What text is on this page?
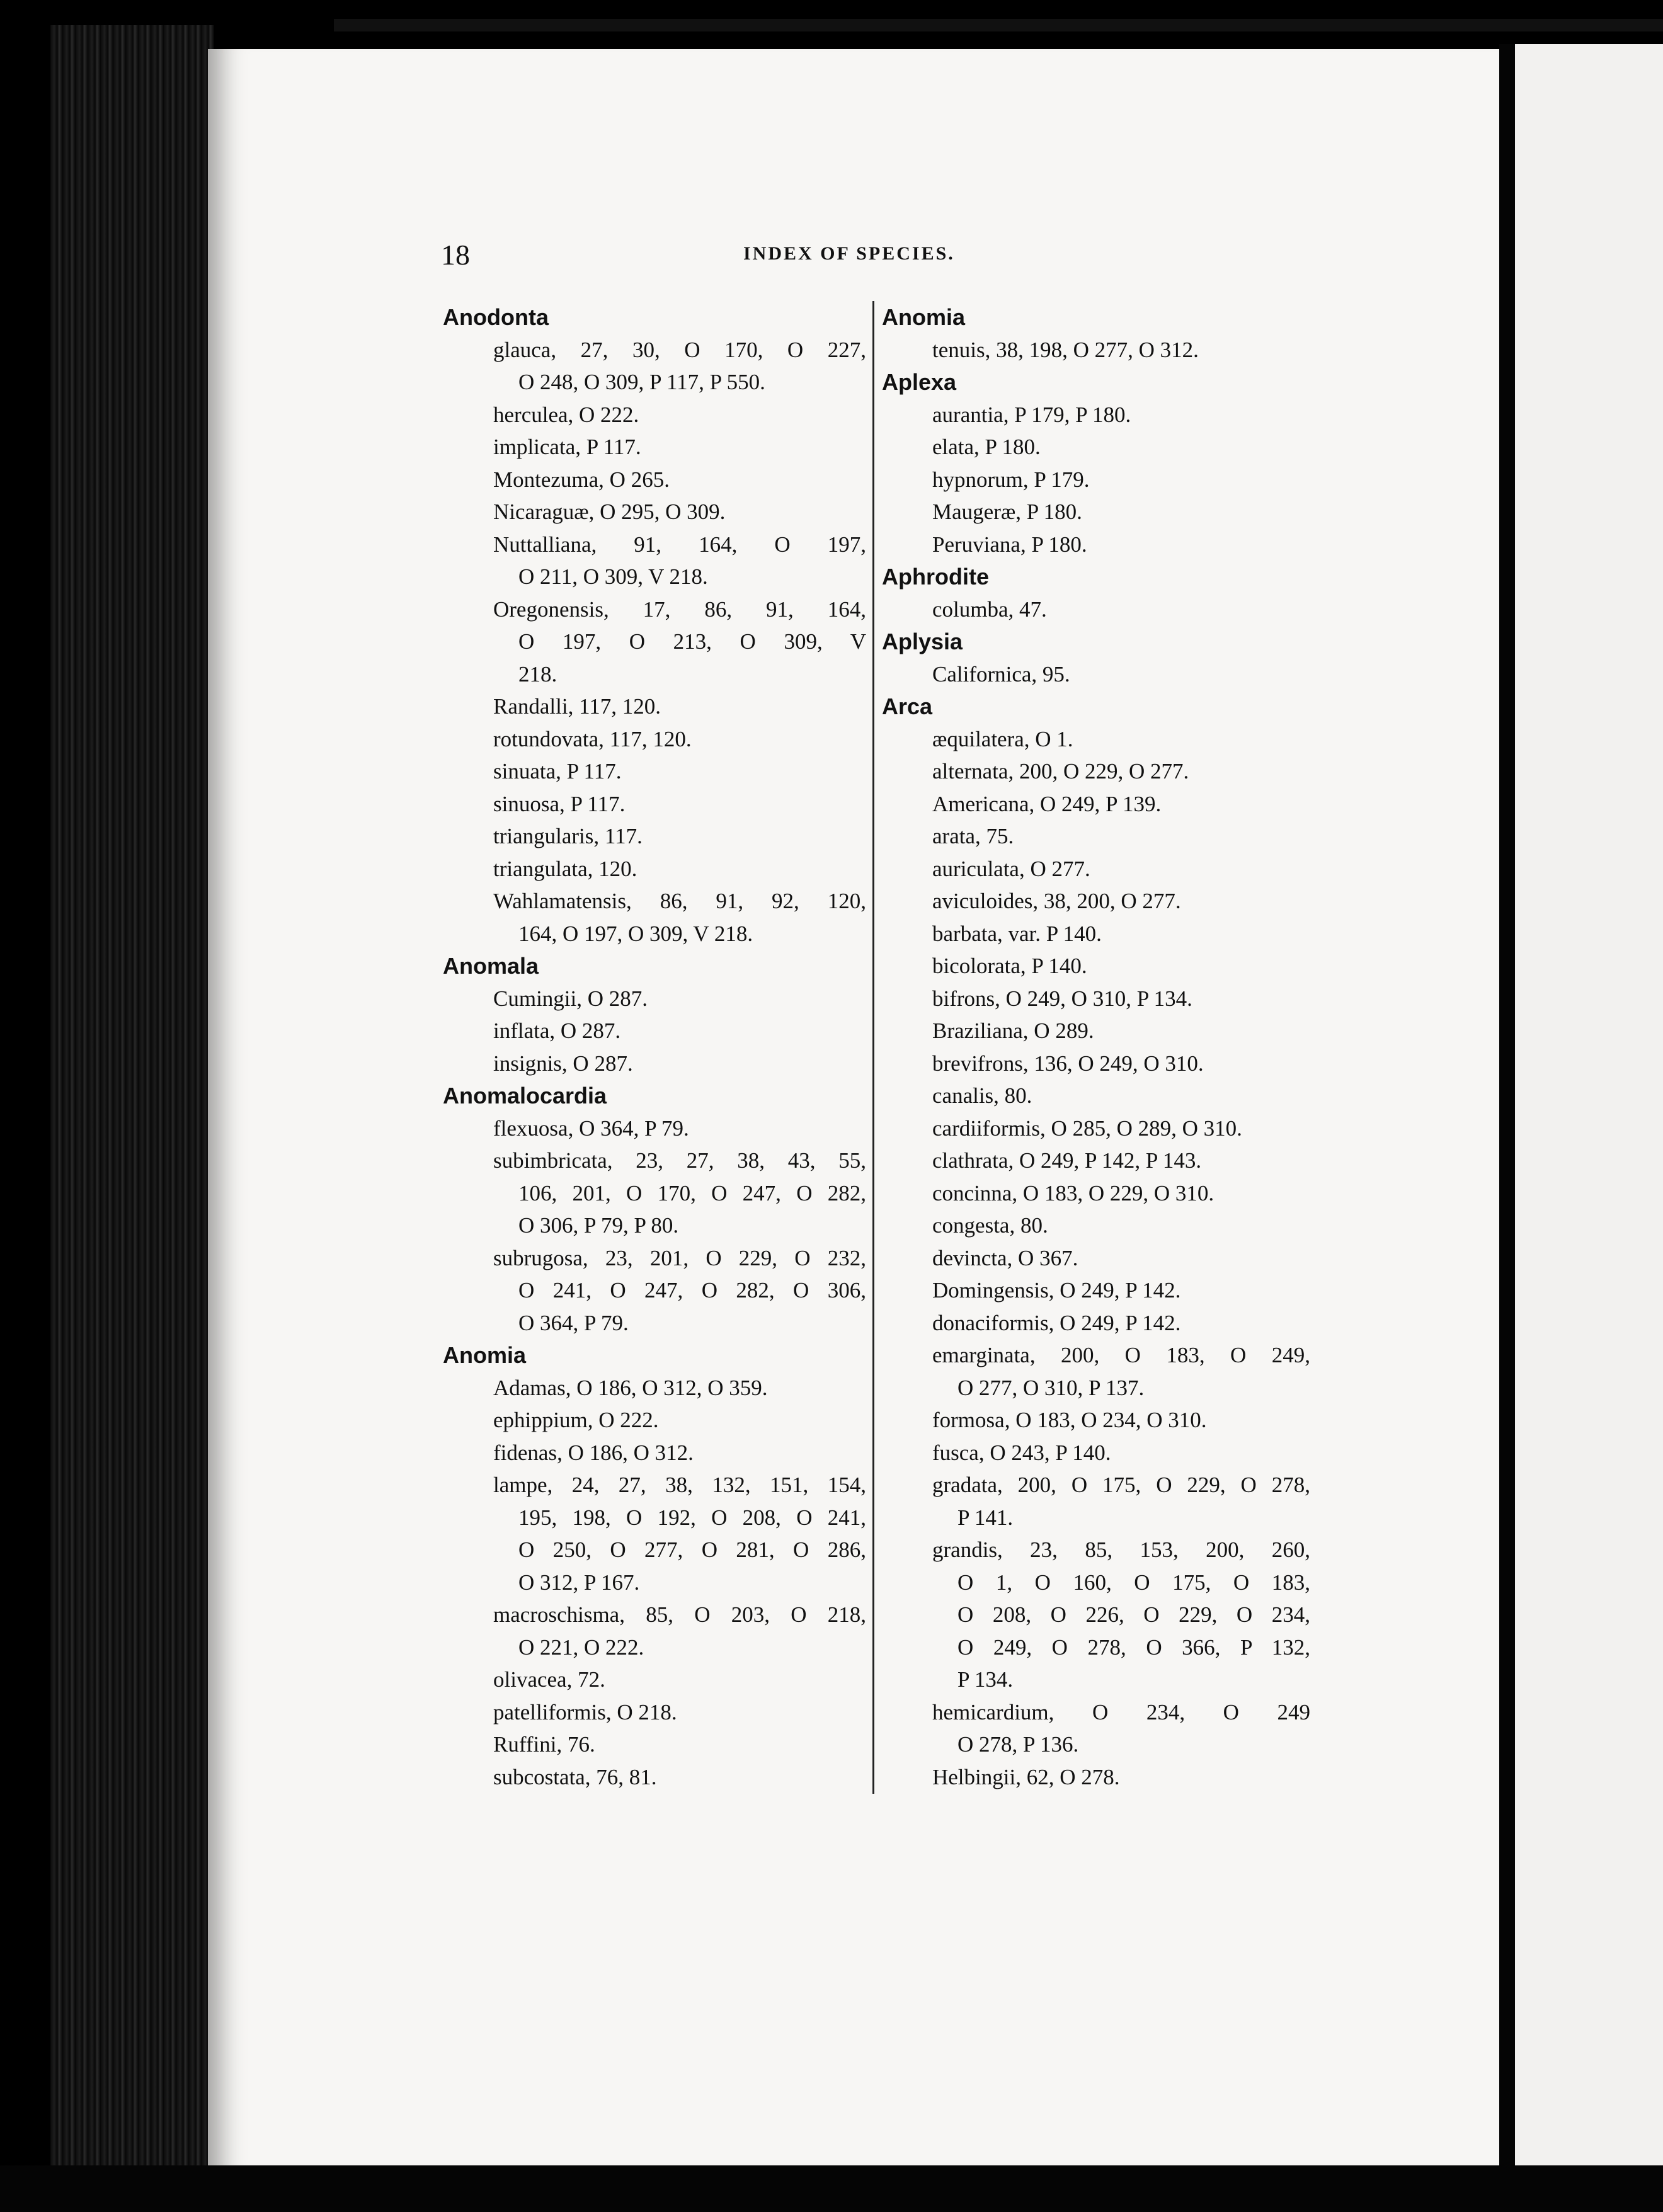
18	INDEX OF SPECIES.
Anodonta
glauca, 27, 30, O 170, O 227,
O 248, O 309, P 117, P 550.
herculea, O 222.
implicata, P 117.
Montezuma, O 265.
Nicaraguæ, O 295, O 309.
Nuttalliana, 91, 164, O 197,
O 211, O 309, V 218.
Oregonensis, 17, 86, 91, 164,
O 197, O 213, O 309, V
218.
Randalli, 117, 120.
rotundovata, 117, 120.
sinuata, P 117.
sinuosa, P 117.
triangularis, 117.
triangulata, 120.
Wahlamatensis, 86, 91, 92, 120,
164, O 197, O 309, V 218.
Anomala
Cumingii, O 287.
inflata, O 287.
insignis, O 287.
Anomalocardia
flexuosa, O 364, P 79.
subimbricata, 23, 27, 38, 43, 55,
106, 201, O 170, O 247, O 282,
O 306, P 79, P 80.
subrugosa, 23, 201, O 229, O 232,
O 241, O 247, O 282, O 306,
O 364, P 79.
Anomia
Adamas, O 186, O 312, O 359.
ephippium, O 222.
fidenas, O 186, O 312.
lampe, 24, 27, 38, 132, 151, 154,
195, 198, O 192, O 208, O 241,
O 250, O 277, O 281, O 286,
O 312, P 167.
macroschisma, 85, O 203, O 218,
O 221, O 222.
olivacea, 72.
patelliformis, O 218.
Ruffini, 76.
subcostata, 76, 81.
Anomia
tenuis, 38, 198, O 277, O 312.
Aplexa
aurantia, P 179, P 180.
elata, P 180.
hypnorum, P 179.
Maugeræ, P 180.
Peruviana, P 180.
Aphrodite
columba, 47.
Aplysia
Californica, 95.
Arca
æquilatera, O 1.
alternata, 200, O 229, O 277.
Americana, O 249, P 139.
arata, 75.
auriculata, O 277.
aviculoides, 38, 200, O 277.
barbata, var. P 140.
bicolorata, P 140.
bifrons, O 249, O 310, P 134.
Braziliana, O 289.
brevifrons, 136, O 249, O 310.
canalis, 80.
cardiiformis, O 285, O 289, O 310.
clathrata, O 249, P 142, P 143.
concinna, O 183, O 229, O 310.
congesta, 80.
devincta, O 367.
Domingensis, O 249, P 142.
donaciformis, O 249, P 142.
emarginata, 200, O 183, O 249,
O 277, O 310, P 137.
formosa, O 183, O 234, O 310.
fusca, O 243, P 140.
gradata, 200, O 175, O 229, O 278,
P 141.
grandis, 23, 85, 153, 200, 260,
O 1, O 160, O 175, O 183,
O 208, O 226, O 229, O 234,
O 249, O 278, O 366, P 132,
P 134.
hemicardium, O 234, O 249
O 278, P 136.
Helbingii, 62, O 278.
